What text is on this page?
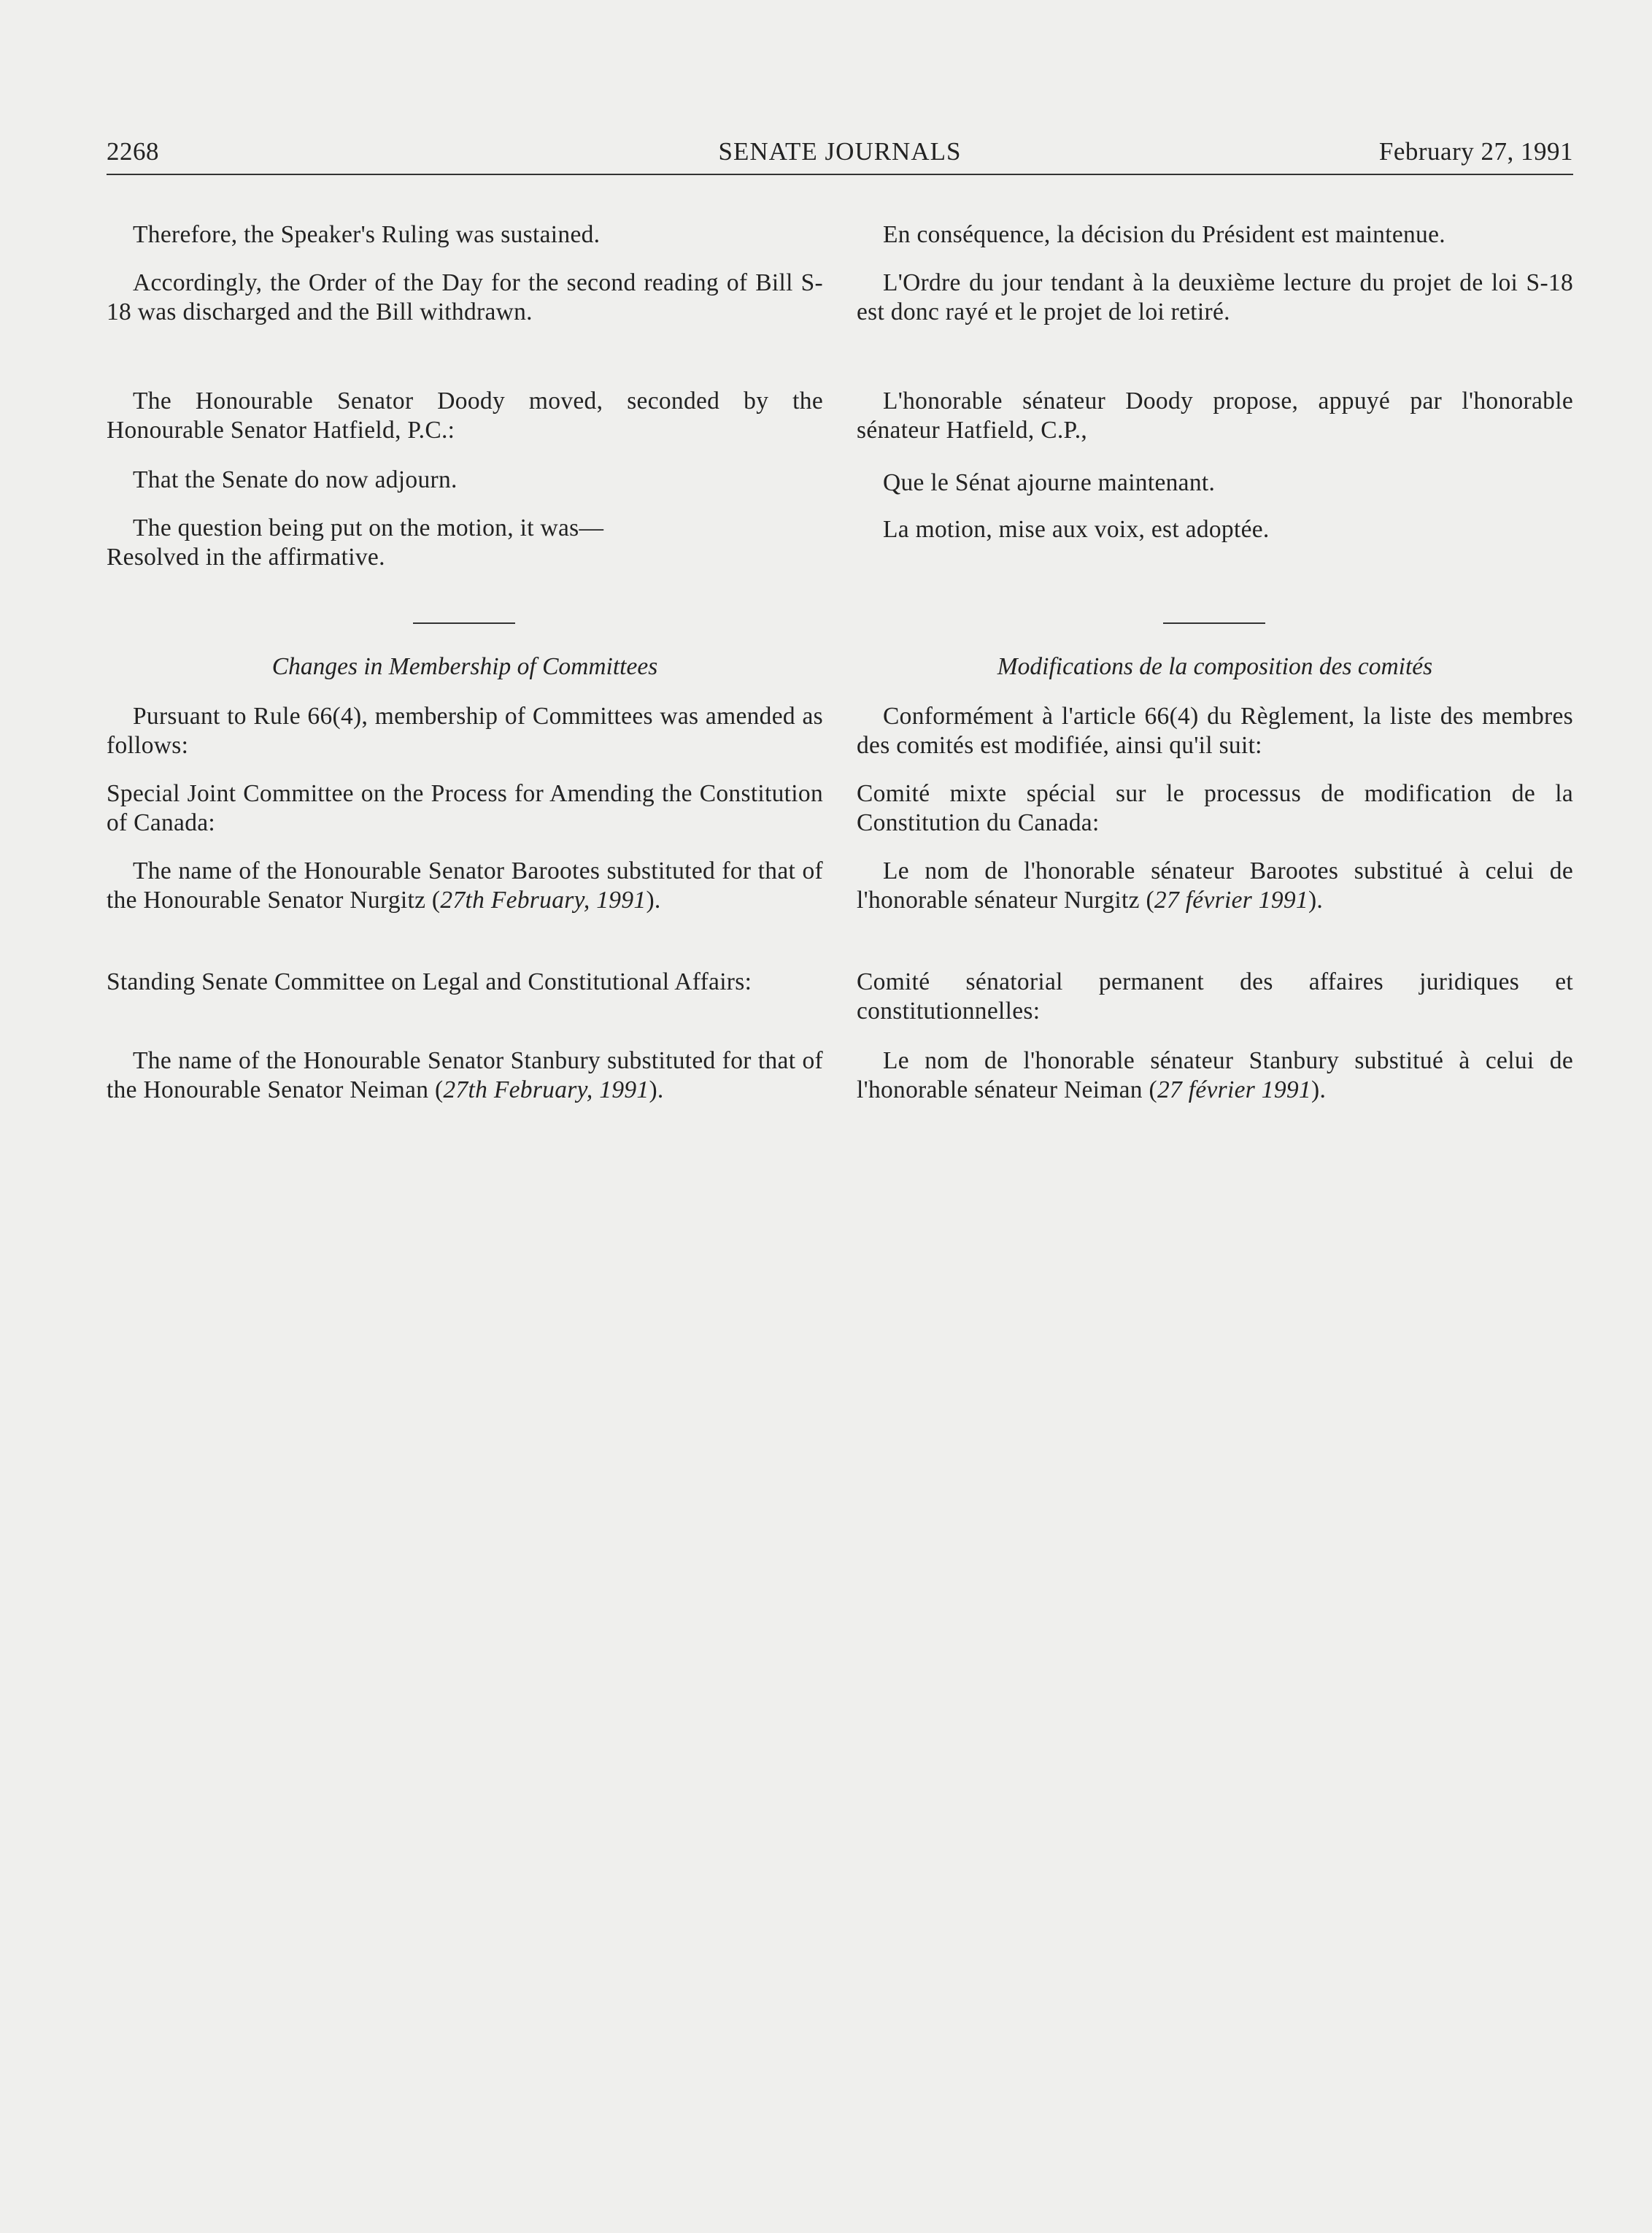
2268	SENATE JOURNALS	February 27, 1991

Therefore, the Speaker's Ruling was sustained.

Accordingly, the Order of the Day for the second reading of Bill S-18 was discharged and the Bill withdrawn.

The Honourable Senator Doody moved, seconded by the Honourable Senator Hatfield, P.C.:

That the Senate do now adjourn.

The question being put on the motion, it was—

Resolved in the affirmative.

Changes in Membership of Committees

Pursuant to Rule 66(4), membership of Committees was amended as follows:

Special Joint Committee on the Process for Amending the Constitution of Canada:

The name of the Honourable Senator Barootes substituted for that of the Honourable Senator Nurgitz (27th February, 1991).

Standing Senate Committee on Legal and Constitutional Affairs:

The name of the Honourable Senator Stanbury substituted for that of the Honourable Senator Neiman (27th February, 1991).

En conséquence, la décision du Président est maintenue.

L'Ordre du jour tendant à la deuxième lecture du projet de loi S-18 est donc rayé et le projet de loi retiré.

L'honorable sénateur Doody propose, appuyé par l'honorable sénateur Hatfield, C.P.,

Que le Sénat ajourne maintenant.

La motion, mise aux voix, est adoptée.

Modifications de la composition des comités

Conformément à l'article 66(4) du Règlement, la liste des membres des comités est modifiée, ainsi qu'il suit:

Comité mixte spécial sur le processus de modification de la Constitution du Canada:

Le nom de l'honorable sénateur Barootes substitué à celui de l'honorable sénateur Nurgitz (27 février 1991).

Comité sénatorial permanent des affaires juridiques et constitutionnelles:

Le nom de l'honorable sénateur Stanbury substitué à celui de l'honorable sénateur Neiman (27 février 1991).
